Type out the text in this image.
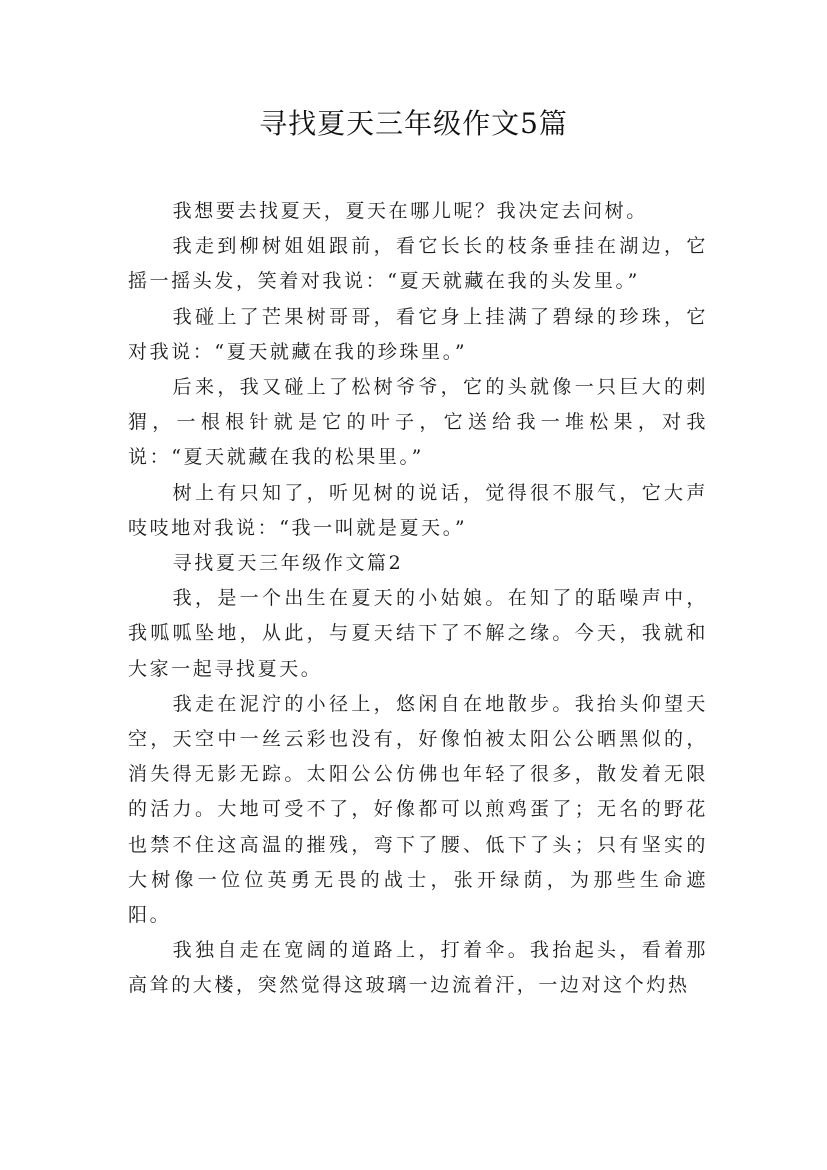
寻找夏天三年级作文5篇

我想要去找夏天，夏天在哪儿呢？我决定去问树。

我走到柳树姐姐跟前，看它长长的枝条垂挂在湖边，它摇一摇头发，笑着对我说：“夏天就藏在我的头发里。”

我碰上了芒果树哥哥，看它身上挂满了碧绿的珍珠，它对我说：“夏天就藏在我的珍珠里。”

后来，我又碰上了松树爷爷，它的头就像一只巨大的刺猬，一根根针就是它的叶子，它送给我一堆松果，对我说：“夏天就藏在我的松果里。”

树上有只知了，听见树的说话，觉得很不服气，它大声吱吱地对我说：“我一叫就是夏天。”

寻找夏天三年级作文篇2

我，是一个出生在夏天的小姑娘。在知了的聒噪声中，我呱呱坠地，从此，与夏天结下了不解之缘。今天，我就和大家一起寻找夏天。

我走在泥泞的小径上，悠闲自在地散步。我抬头仰望天空，天空中一丝云彩也没有，好像怕被太阳公公晒黑似的，消失得无影无踪。太阳公公仿佛也年轻了很多，散发着无限的活力。大地可受不了，好像都可以煎鸡蛋了；无名的野花也禁不住这高温的摧残，弯下了腰、低下了头；只有坚实的大树像一位位英勇无畏的战士，张开绿荫，为那些生命遮阳。

我独自走在宽阔的道路上，打着伞。我抬起头，看着那高耸的大楼，突然觉得这玻璃一边流着汗，一边对这个灼热
